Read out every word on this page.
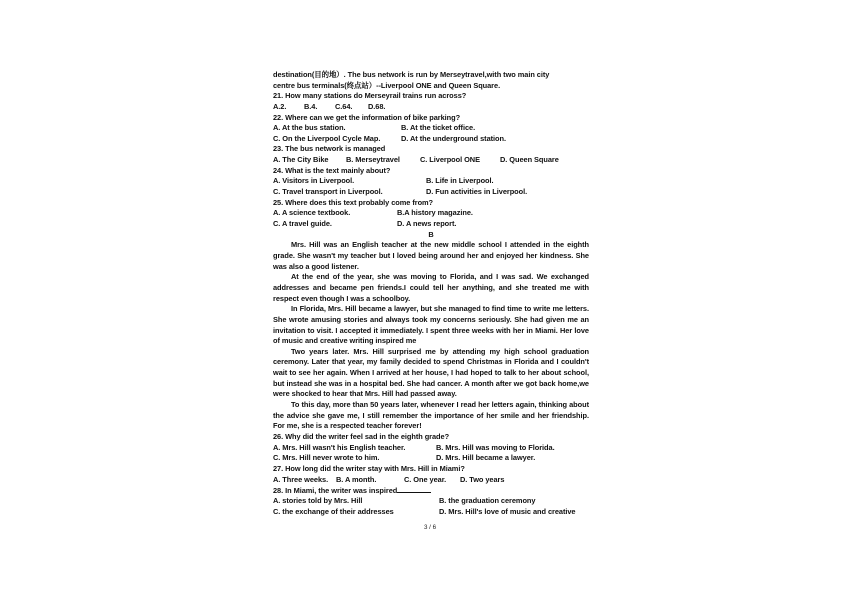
destination(目的地）. The bus network is run by Merseytravel,with two main city
centre bus terminals(终点站）--Liverpool ONE and Queen Square.
21. How many stations do Merseyrail trains run across?
A.2. B.4. C.64. D.68.
22. Where can we get the information of bike parking?
A. At the bus station.	B. At the ticket office.
C. On the Liverpool Cycle Map.	D. At the underground station.
23. The bus network is managed
A. The City Bike B. Merseytravel	C. Liverpool ONE	D. Queen Square
24. What is the text mainly about?
A. Visitors in Liverpool.	B. Life in Liverpool.
C. Travel transport in Liverpool.	D. Fun activities in Liverpool.
25. Where does this text probably come from?
A. A science textbook.	B.A history magazine.
C. A travel guide.	D. A news report.
B
Mrs. Hill was an English teacher at the new middle school I attended in the eighth grade. She wasn't my teacher but I loved being around her and enjoyed her kindness. She was also a good listener.
At the end of the year, she was moving to Florida, and I was sad. We exchanged addresses and became pen friends.I could tell her anything, and she treated me with respect even though I was a schoolboy.
In Florida, Mrs. Hill became a lawyer, but she managed to find time to write me letters. She wrote amusing stories and always took my concerns seriously. She had given me an invitation to visit. I accepted it immediately. I spent three weeks with her in Miami. Her love of music and creative writing inspired me
Two years later. Mrs. Hill surprised me by attending my high school graduation ceremony. Later that year, my family decided to spend Christmas in Florida and I couldn't wait to see her again. When I arrived at her house, I had hoped to talk to her about school, but instead she was in a hospital bed. She had cancer. A month after we got back home,we were shocked to hear that Mrs. Hill had passed away.
To this day, more than 50 years later, whenever I read her letters again, thinking about the advice she gave me, I still remember the importance of her smile and her friendship. For me, she is a respected teacher forever!
26. Why did the writer feel sad in the eighth grade?
A. Mrs. Hill wasn't his English teacher.	B. Mrs. Hill was moving to Florida.
C. Mrs. Hill never wrote to him.	D. Mrs. Hill became a lawyer.
27. How long did the writer stay with Mrs. Hill in Miami?
A. Three weeks. B. A month.	C. One year. D. Two years
28. In Miami, the writer was inspired
A. stories told by Mrs. Hill	B. the graduation ceremony
C. the exchange of their addresses	D. Mrs. Hill's love of music and creative
3 / 6
